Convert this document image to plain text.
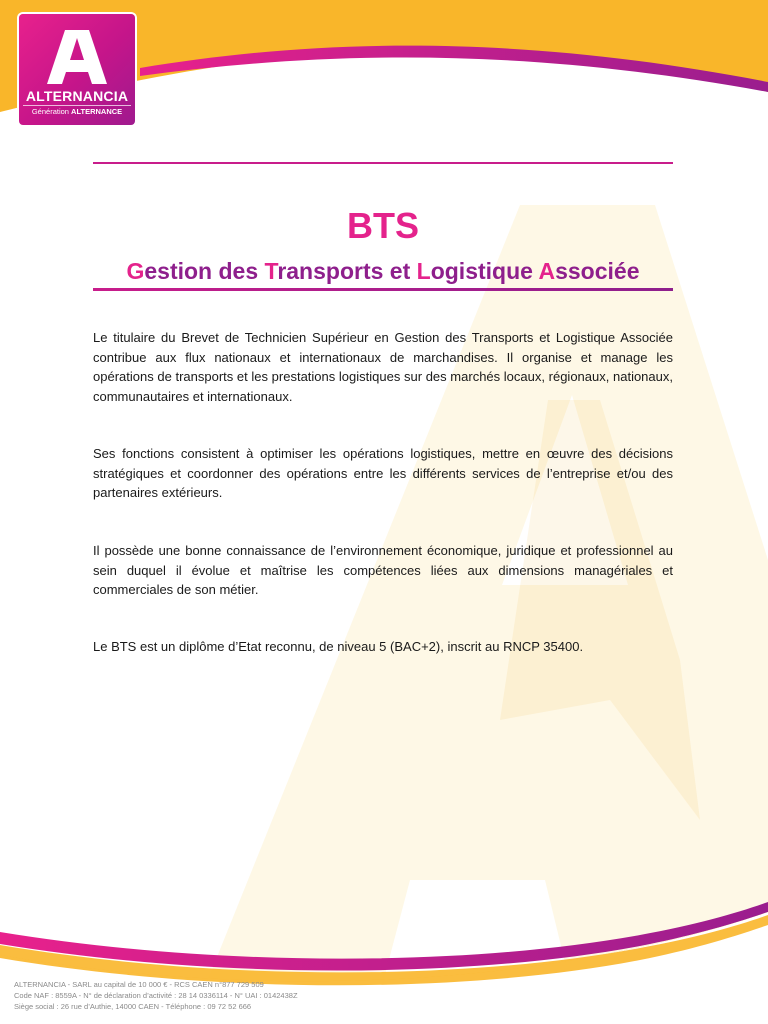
ALTERNANCIA
Génération ALTERNANCE
BTS
Gestion des Transports et Logistique Associée

Le titulaire du Brevet de Technicien Supérieur en Gestion des Transports et Logistique Associée contribue aux flux nationaux et internationaux de marchandises. Il organise et manage les opérations de transports et les prestations logistiques sur des marchés locaux, régionaux, nationaux, communautaires et internationaux.

Ses fonctions consistent à optimiser les opérations logistiques, mettre en œuvre des décisions stratégiques et coordonner des opérations entre les différents services de l’entreprise et/ou des partenaires extérieurs.

Il possède une bonne connaissance de l’environnement économique, juridique et professionnel au sein duquel il évolue et maîtrise les compétences liées aux dimensions managériales et commerciales de son métier.

Le BTS est un diplôme d’Etat reconnu, de niveau 5 (BAC+2), inscrit au RNCP 35400.

ALTERNANCIA - SARL au capital de 10 000 € - RCS CAEN n°877 729 509
Code NAF : 8559A - N° de déclaration d’activité : 28 14 0336114 - N° UAI : 0142438Z
Siège social : 26 rue d’Authie, 14000 CAEN - Téléphone : 09 72 52 666
